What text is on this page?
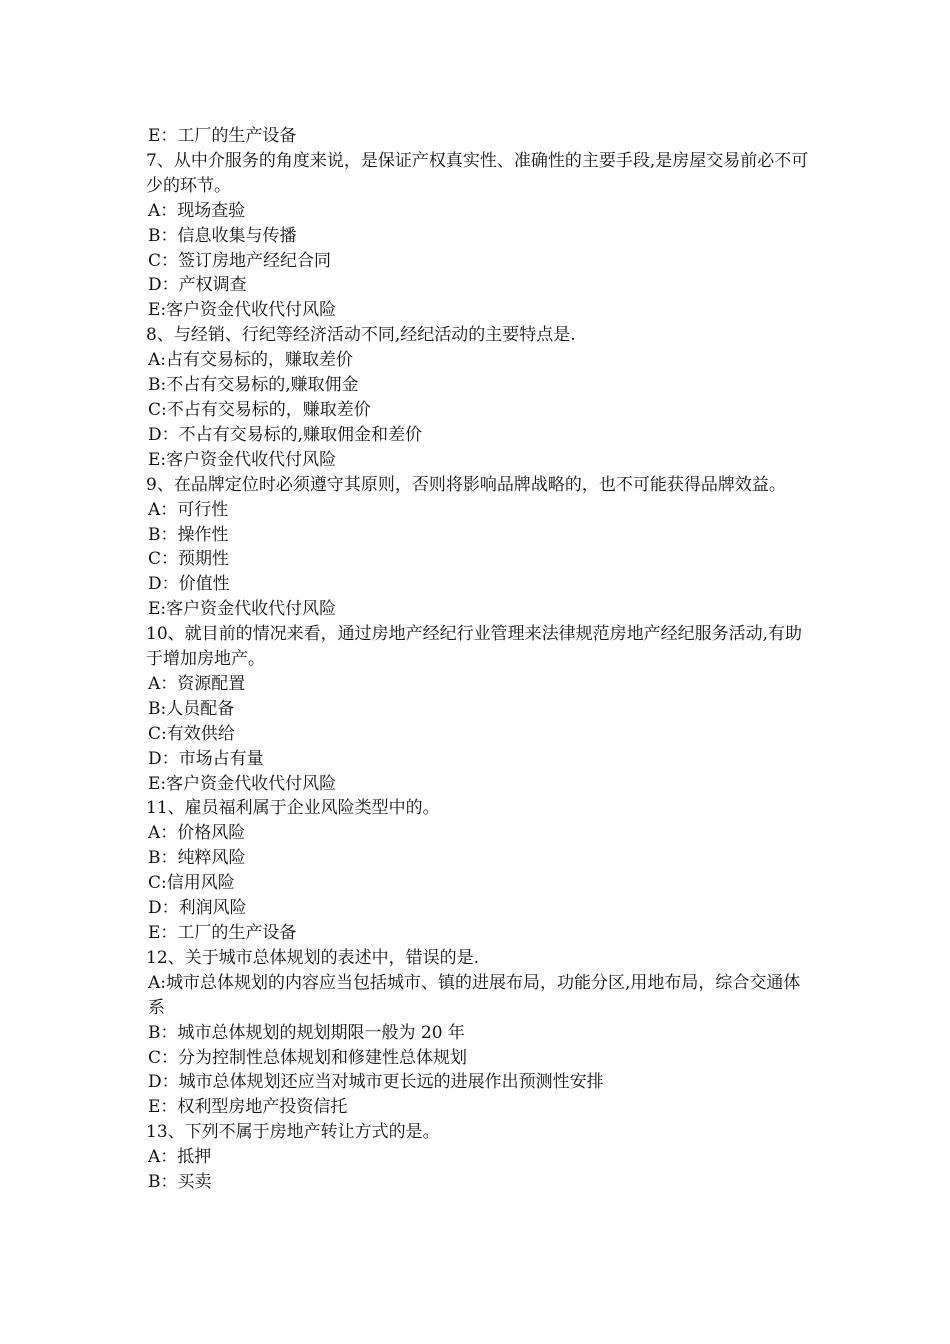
E：工厂的生产设备
7、从中介服务的角度来说，是保证产权真实性、准确性的主要手段,是房屋交易前必不可少的环节。
A：现场查验
B：信息收集与传播
C：签订房地产经纪合同
D：产权调查
E:客户资金代收代付风险
8、与经销、行纪等经济活动不同,经纪活动的主要特点是.
A:占有交易标的，赚取差价
B:不占有交易标的,赚取佣金
C:不占有交易标的，赚取差价
D：不占有交易标的,赚取佣金和差价
E:客户资金代收代付风险
9、在品牌定位时必须遵守其原则，否则将影响品牌战略的，也不可能获得品牌效益。
A：可行性
B：操作性
C：预期性
D：价值性
E:客户资金代收代付风险
10、就目前的情况来看，通过房地产经纪行业管理来法律规范房地产经纪服务活动,有助于增加房地产。
A：资源配置
B:人员配备
C:有效供给
D：市场占有量
E:客户资金代收代付风险
11、雇员福利属于企业风险类型中的。
A：价格风险
B：纯粹风险
C:信用风险
D：利润风险
E：工厂的生产设备
12、关于城市总体规划的表述中，错误的是.
A:城市总体规划的内容应当包括城市、镇的进展布局，功能分区,用地布局，综合交通体系
B：城市总体规划的规划期限一般为 20 年
C：分为控制性总体规划和修建性总体规划
D：城市总体规划还应当对城市更长远的进展作出预测性安排
E：权利型房地产投资信托
13、下列不属于房地产转让方式的是。
A：抵押
B：买卖
